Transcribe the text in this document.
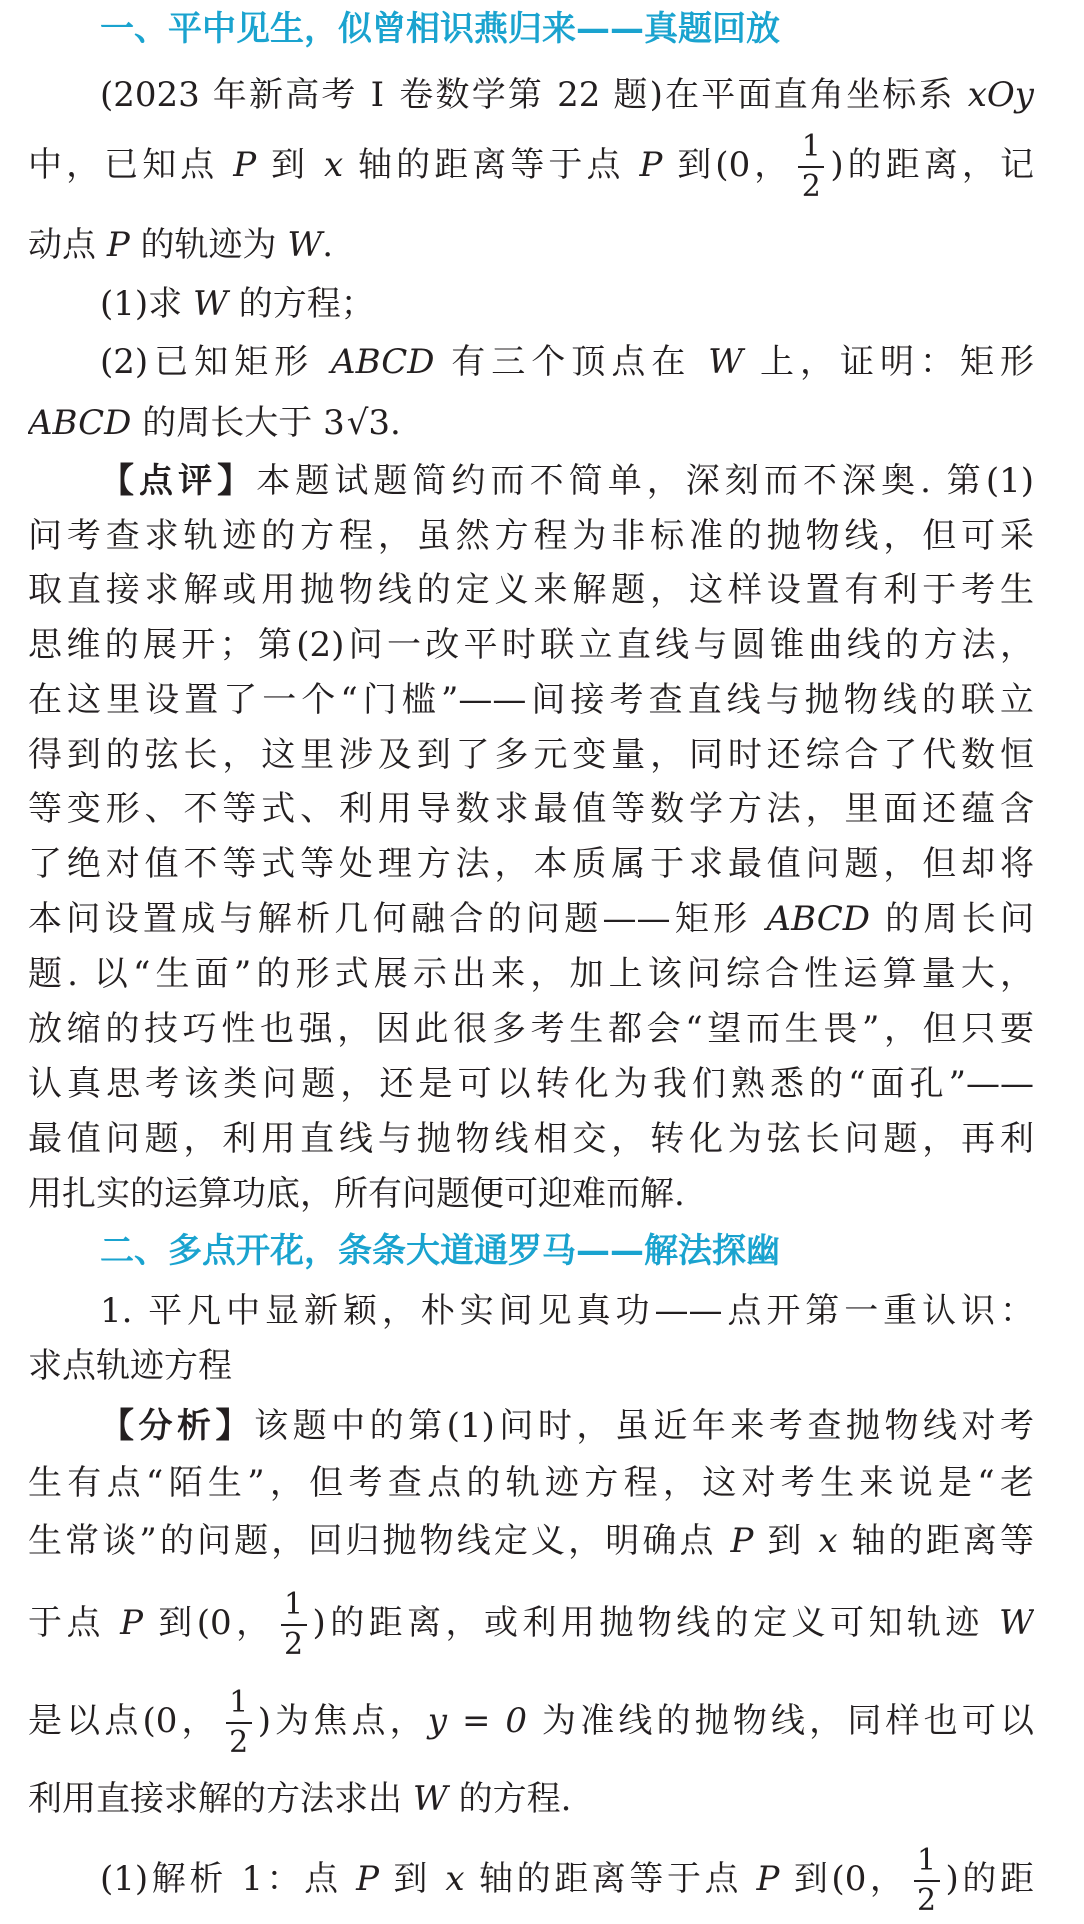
一、平中见生，似曾相识燕归来——真题回放
(2023 年新高考 Ⅰ 卷数学第 22 题)在平面直角坐标系 xOy
中，已知点 P 到 x 轴的距离等于点 P 到(0， $\frac{1}{2}$ )的距离，记
动点 P 的轨迹为 W.
(1)求 W 的方程；
(2)已知矩形 ABCD 有三个顶点在 W 上，证明：矩形
ABCD 的周长大于 3√3.
【点评】本题试题简约而不简单，深刻而不深奥. 第(1)
问考查求轨迹的方程，虽然方程为非标准的抛物线，但可采
取直接求解或用抛物线的定义来解题，这样设置有利于考生
思维的展开；第(2)问一改平时联立直线与圆锥曲线的方法，
在这里设置了一个“门槛”——间接考查直线与抛物线的联立
得到的弦长，这里涉及到了多元变量，同时还综合了代数恒
等变形、不等式、利用导数求最值等数学方法，里面还蕴含
了绝对值不等式等处理方法，本质属于求最值问题，但却将
本问设置成与解析几何融合的问题——矩形 ABCD 的周长问
题. 以“生面”的形式展示出来，加上该问综合性运算量大，
放缩的技巧性也强，因此很多考生都会“望而生畏”，但只要
认真思考该类问题，还是可以转化为我们熟悉的“面孔”——
最值问题，利用直线与抛物线相交，转化为弦长问题，再利
用扎实的运算功底，所有问题便可迎难而解.
二、多点开花，条条大道通罗马——解法探幽
1. 平凡中显新颖，朴实间见真功——点开第一重认识：
求点轨迹方程
【分析】该题中的第(1)问时，虽近年来考查抛物线对考
生有点“陌生”，但考查点的轨迹方程，这对考生来说是“老
生常谈”的问题，回归抛物线定义，明确点 P 到 x 轴的距离等
于点 P 到(0， $\frac{1}{2}$ )的距离，或利用抛物线的定义可知轨迹 W
是以点(0， $\frac{1}{2}$ )为焦点，y = 0 为准线的抛物线，同样也可以
利用直接求解的方法求出 W 的方程.
(1)解析 1：点 P 到 x 轴的距离等于点 P 到(0， $\frac{1}{2}$ )的距
